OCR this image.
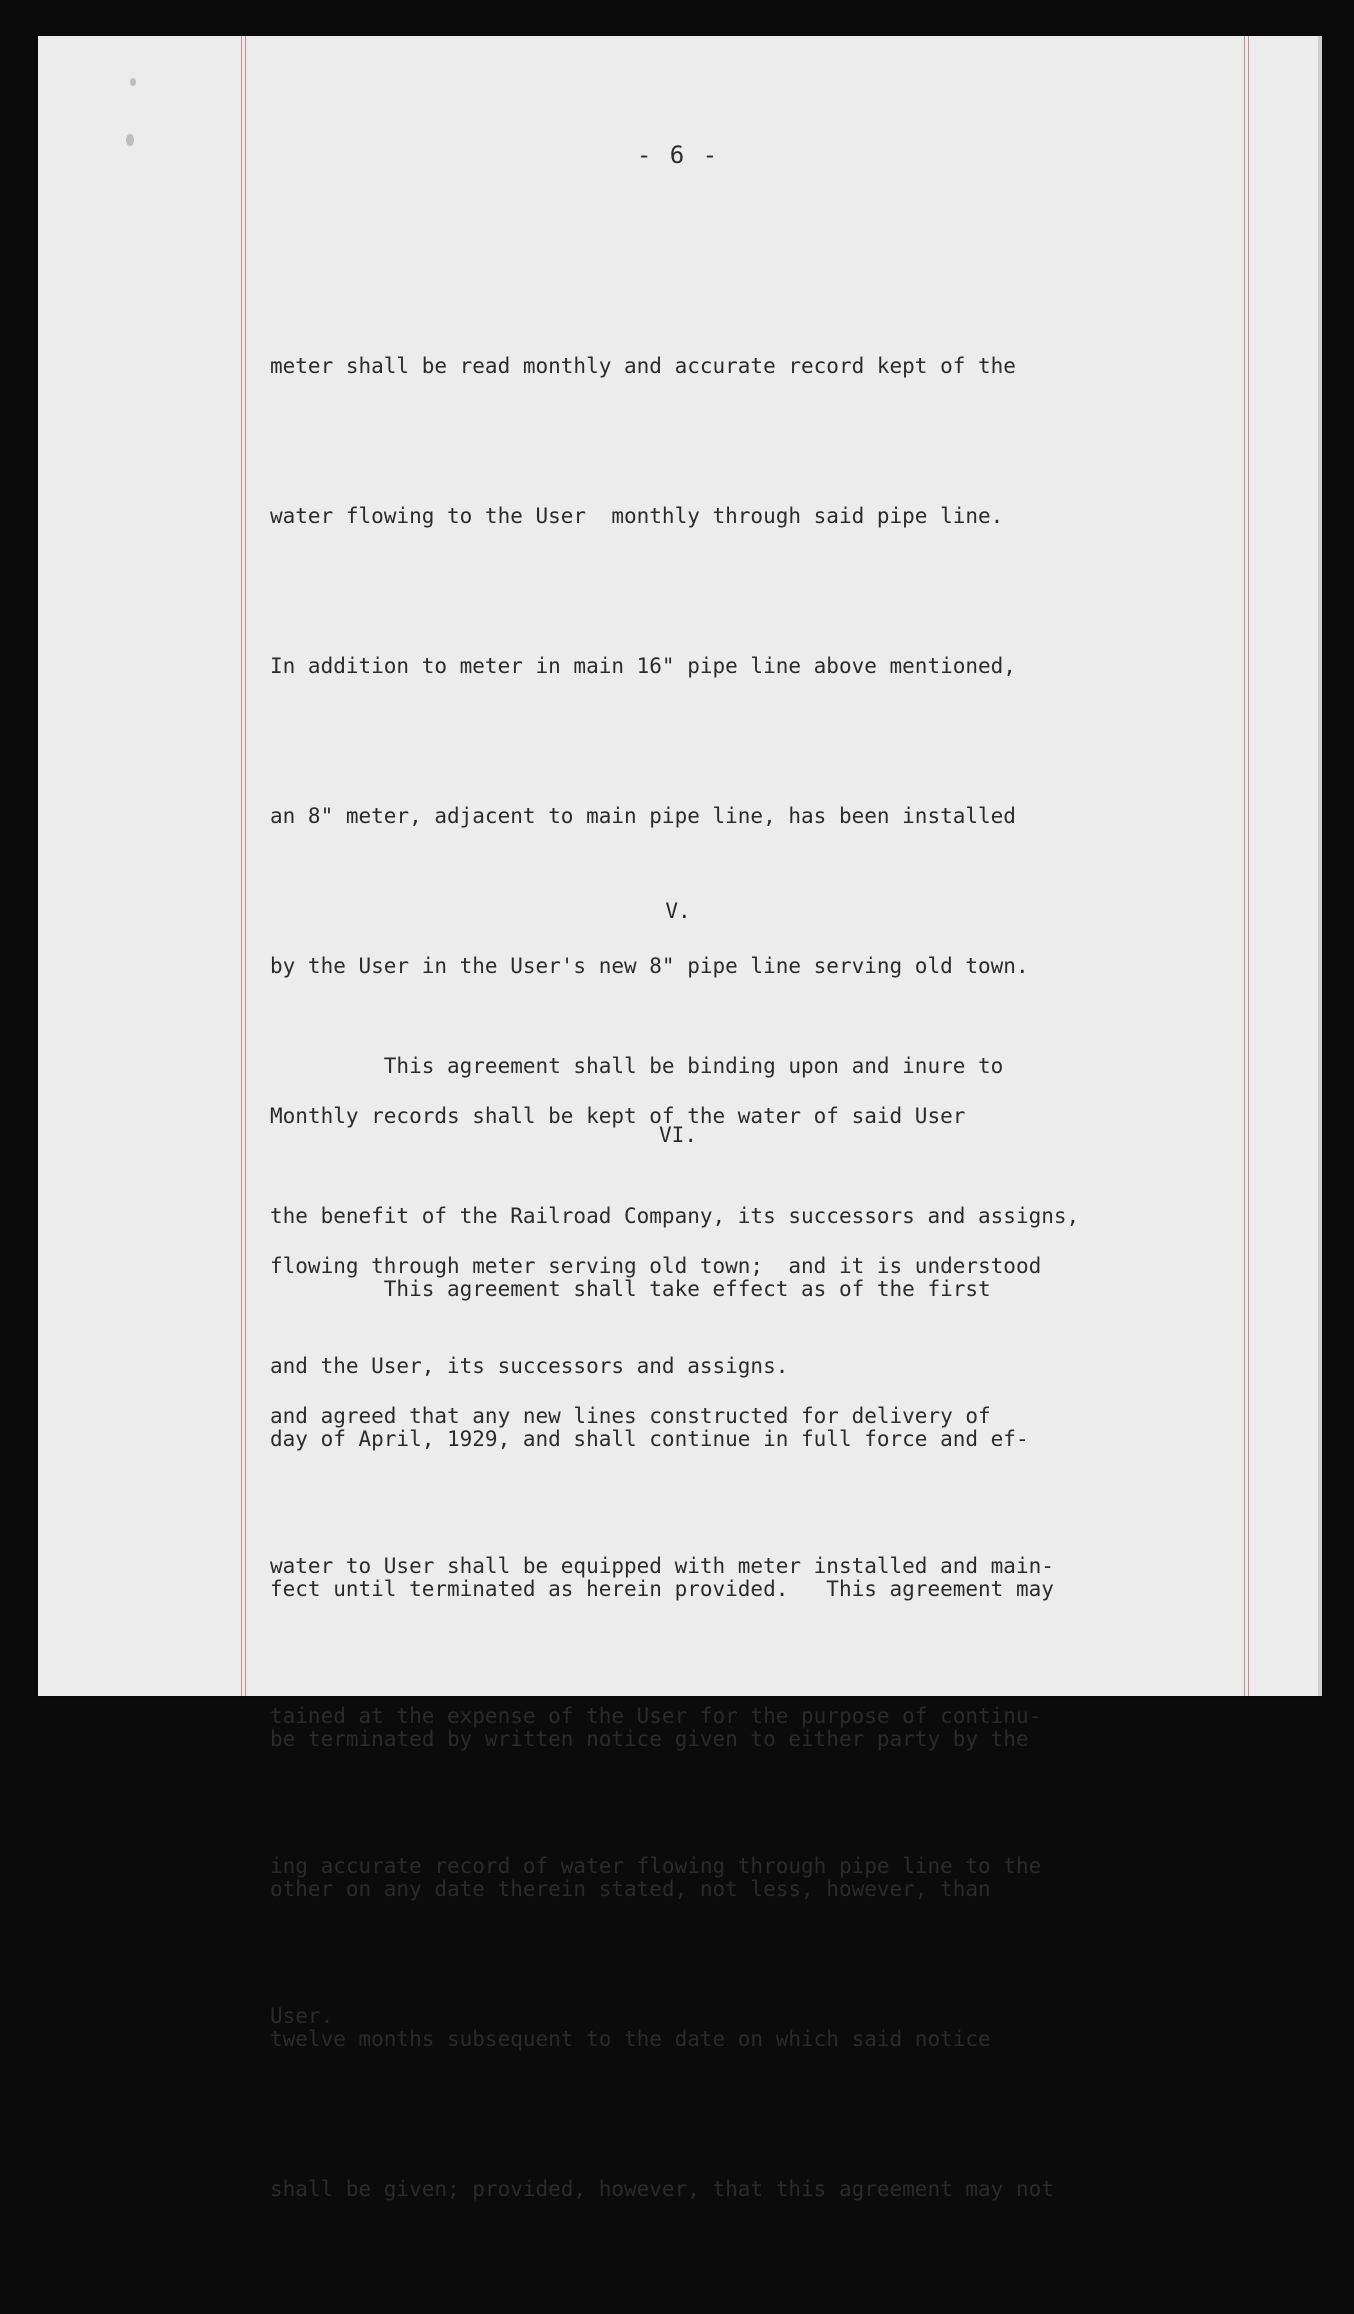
- 6 -

meter shall be read monthly and accurate record kept of the

water flowing to the User  monthly through said pipe line.

In addition to meter in main 16" pipe line above mentioned,

an 8" meter, adjacent to main pipe line, has been installed

by the User in the User's new 8" pipe line serving old town.

Monthly records shall be kept of the water of said User

flowing through meter serving old town;  and it is understood

and agreed that any new lines constructed for delivery of

water to User shall be equipped with meter installed and main-

tained at the expense of the User for the purpose of continu-

ing accurate record of water flowing through pipe line to the

User.

V.

This agreement shall be binding upon and inure to

the benefit of the Railroad Company, its successors and assigns,

and the User, its successors and assigns.

VI.

This agreement shall take effect as of the first

day of April, 1929, and shall continue in full force and ef-

fect until terminated as herein provided.   This agreement may

be terminated by written notice given to either party by the

other on any date therein stated, not less, however, than

twelve months subsequent to the date on which said notice

shall be given; provided, however, that this agreement may not
